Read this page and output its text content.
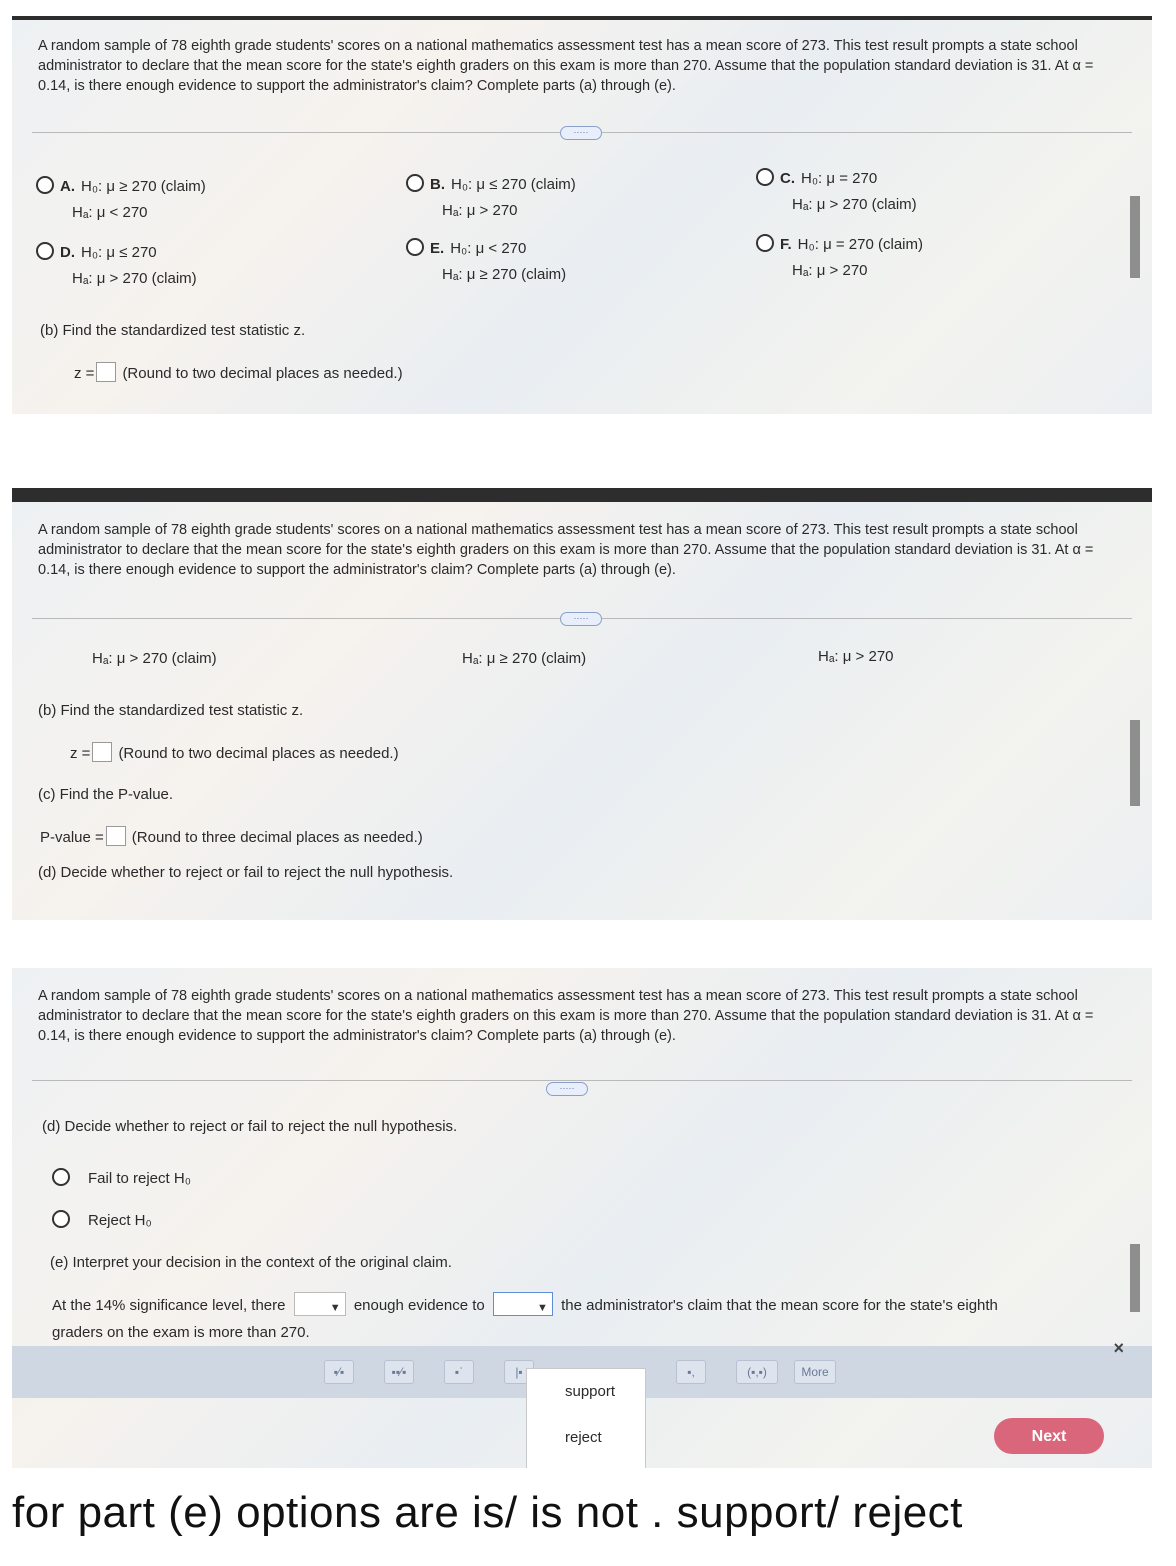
A random sample of 78 eighth grade students' scores on a national mathematics assessment test has a mean score of 273. This test result prompts a state school administrator to declare that the mean score for the state's eighth graders on this exam is more than 270. Assume that the population standard deviation is 31. At α = 0.14, is there enough evidence to support the administrator's claim? Complete parts (a) through (e).
·····
A. H₀: μ ≥ 270 (claim)
Hₐ: μ < 270
B. H₀: μ ≤ 270 (claim)
Hₐ: μ > 270
C. H₀: μ = 270
Hₐ: μ > 270 (claim)
D. H₀: μ ≤ 270
Hₐ: μ > 270 (claim)
E. H₀: μ < 270
Hₐ: μ ≥ 270 (claim)
F. H₀: μ = 270 (claim)
Hₐ: μ > 270
(b) Find the standardized test statistic z.
z = (Round to two decimal places as needed.)
A random sample of 78 eighth grade students' scores on a national mathematics assessment test has a mean score of 273. This test result prompts a state school administrator to declare that the mean score for the state's eighth graders on this exam is more than 270. Assume that the population standard deviation is 31. At α = 0.14, is there enough evidence to support the administrator's claim? Complete parts (a) through (e).
·····
Hₐ: μ > 270 (claim)	Hₐ: μ ≥ 270 (claim)	Hₐ: μ > 270
(b) Find the standardized test statistic z.
z = (Round to two decimal places as needed.)
(c) Find the P-value.
P-value = (Round to three decimal places as needed.)
(d) Decide whether to reject or fail to reject the null hypothesis.
A random sample of 78 eighth grade students' scores on a national mathematics assessment test has a mean score of 273. This test result prompts a state school administrator to declare that the mean score for the state's eighth graders on this exam is more than 270. Assume that the population standard deviation is 31. At α = 0.14, is there enough evidence to support the administrator's claim? Complete parts (a) through (e).
·····
(d) Decide whether to reject or fail to reject the null hypothesis.
Fail to reject H₀
Reject H₀
(e) Interpret your decision in the context of the original claim.
At the 14% significance level, there	▼ enough evidence to	▼ the administrator's claim that the mean score for the state's eighth
graders on the exam is more than 270.
▪⁄▪	▪▪⁄▪	▪ˈ	|▪	▪,	(▪,▪)	More
×
support
reject	Next
for part (e) options are is/ is not . support/ reject
